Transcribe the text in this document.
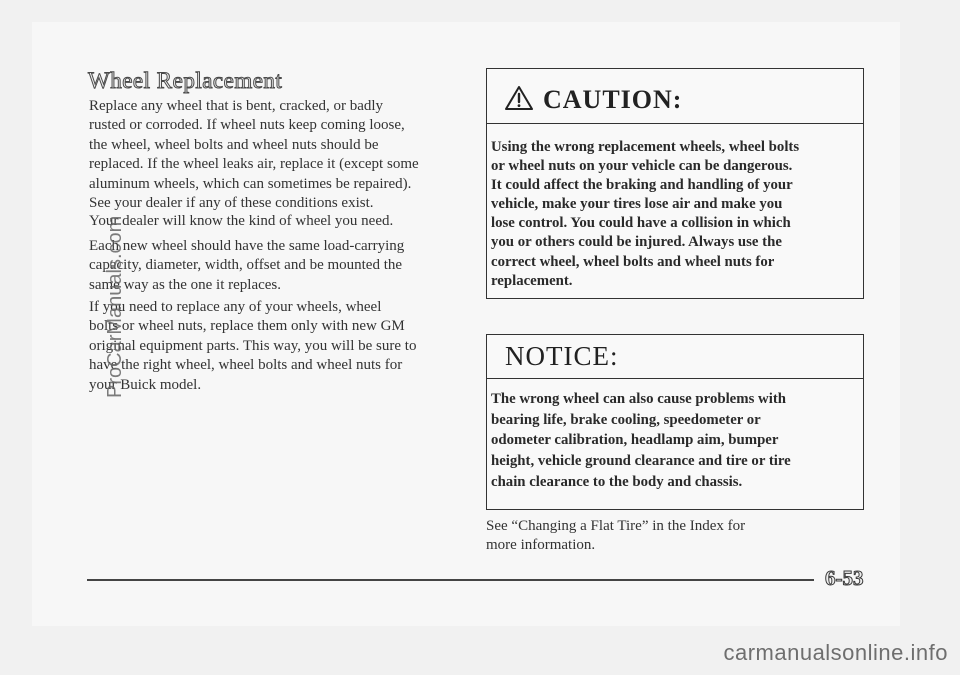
Wheel Replacement

Replace any wheel that is bent, cracked, or badly
rusted or corroded. If wheel nuts keep coming loose,
the wheel, wheel bolts and wheel nuts should be
replaced. If the wheel leaks air, replace it (except some
aluminum wheels, which can sometimes be repaired).
See your dealer if any of these conditions exist.

Your dealer will know the kind of wheel you need.

Each new wheel should have the same load-carrying
capacity, diameter, width, offset and be mounted the
same way as the one it replaces.

If you need to replace any of your wheels, wheel
bolts or wheel nuts, replace them only with new GM
original equipment parts. This way, you will be sure to
have the right wheel, wheel bolts and wheel nuts for
your Buick model.

CAUTION:

Using the wrong replacement wheels, wheel bolts
or wheel nuts on your vehicle can be dangerous.
It could affect the braking and handling of your
vehicle, make your tires lose air and make you
lose control. You could have a collision in which
you or others could be injured. Always use the
correct wheel, wheel bolts and wheel nuts for
replacement.

NOTICE:

The wrong wheel can also cause problems with
bearing life, brake cooling, speedometer or
odometer calibration, headlamp aim, bumper
height, vehicle ground clearance and tire or tire
chain clearance to the body and chassis.

See “Changing a Flat Tire” in the Index for
more information.

6-53
ProCarManuals.com

carmanualsonline.info
